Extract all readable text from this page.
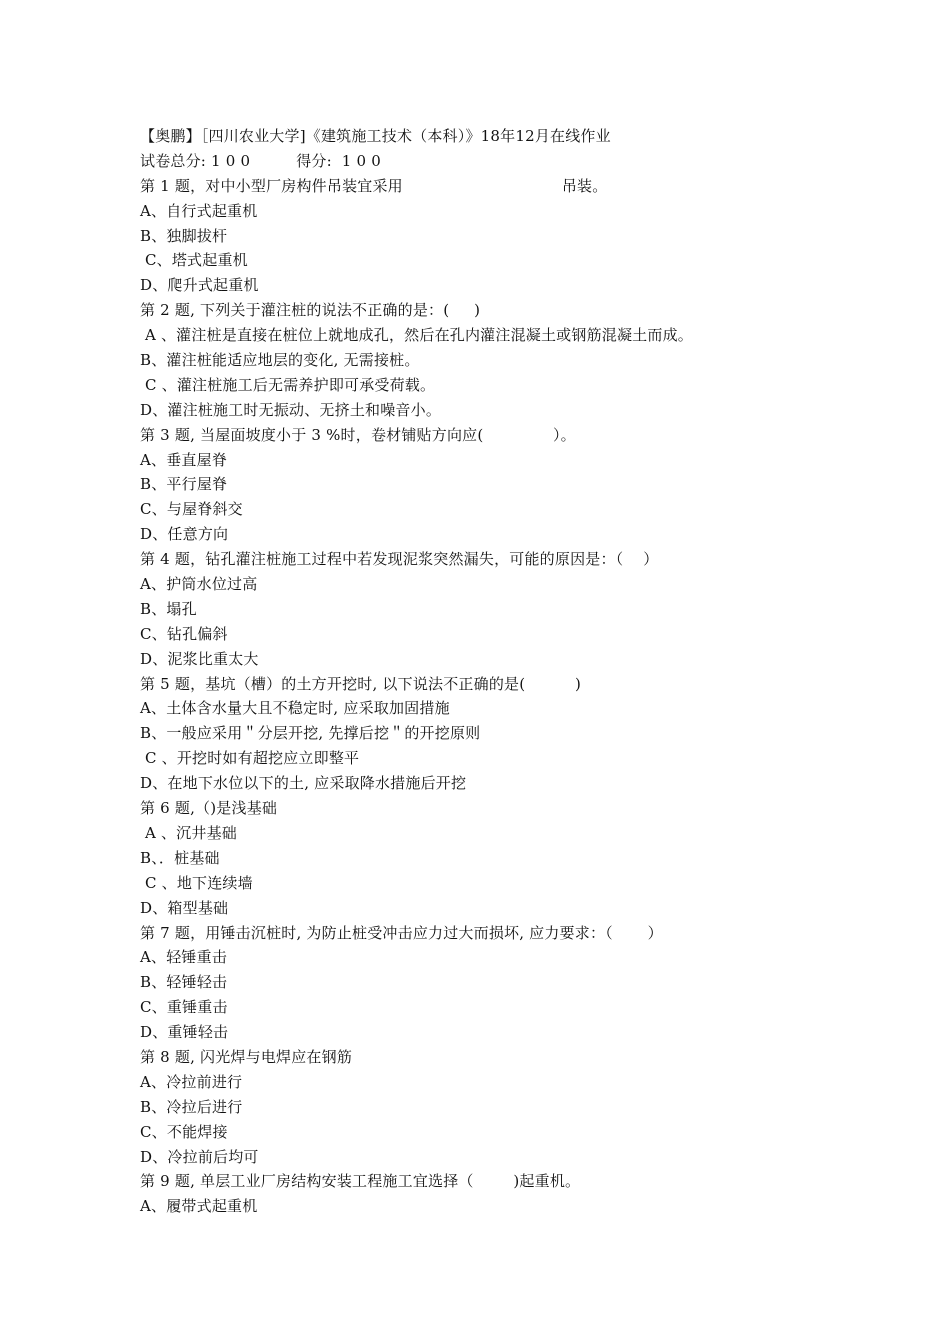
【奥鹏】［四川农业大学]《建筑施工技术（本科）》18年12月在线作业
试卷总分: 1 0 0	得分:  1 0 0
第 1 题，对中小型厂房构件吊装宜采用                                吊装。
A、自行式起重机
B、独脚拔杆
C、塔式起重机
D、爬升式起重机
第 2 题, 下列关于灌注桩的说法不正确的是：(     )
A 、灌注桩是直接在桩位上就地成孔，然后在孔内灌注混凝土或钢筋混凝土而成。
B、灌注桩能适应地层的变化, 无需接桩。
C 、灌注桩施工后无需养护即可承受荷载。
D、灌注桩施工时无振动、无挤土和噪音小。
第 3 题, 当屋面坡度小于 3 %时，卷材铺贴方向应(              ）。
A、垂直屋脊
B、平行屋脊
C、与屋脊斜交
D、任意方向
第 4 题，钻孔灌注桩施工过程中若发现泥浆突然漏失，可能的原因是：（    ）
A、护筒水位过高
B、塌孔
C、钻孔偏斜
D、泥浆比重太大
第 5 题，基坑（槽）的土方开挖时, 以下说法不正确的是(          )
A、土体含水量大且不稳定时, 应采取加固措施
B、一般应采用＂分层开挖, 先撑后挖＂的开挖原则
C 、开挖时如有超挖应立即整平
D、在地下水位以下的土, 应采取降水措施后开挖
第 6 题,（)是浅基础
A 、沉井基础
B、．桩基础
C 、地下连续墙
D、箱型基础
第 7 题，用锤击沉桩时, 为防止桩受冲击应力过大而损坏, 应力要求：（       ）
A、轻锤重击
B、轻锤轻击
C、重锤重击
D、重锤轻击
第 8 题, 闪光焊与电焊应在钢筋
A、冷拉前进行
B、冷拉后进行
C、不能焊接
D、冷拉前后均可
第 9 题, 单层工业厂房结构安装工程施工宜选择（        )起重机。
A、履带式起重机
